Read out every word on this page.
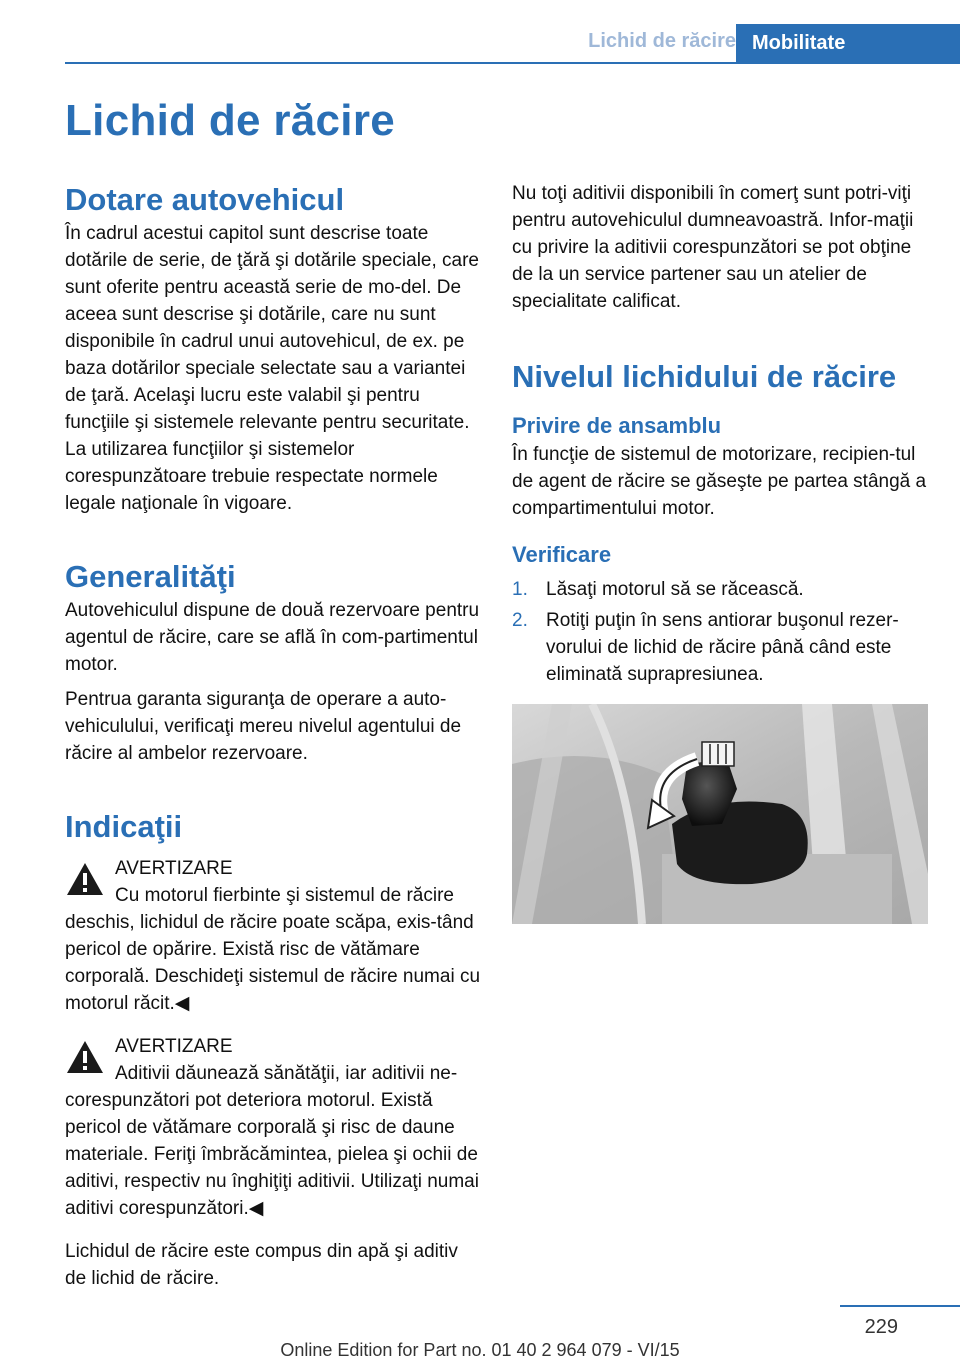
Lichid de răcire Mobilitate
Lichid de răcire
Dotare autovehicul

În cadrul acestui capitol sunt descrise toate dotările de serie, de ţără şi dotările speciale, care sunt oferite pentru această serie de mo‐del. De aceea sunt descrise şi dotările, care nu sunt disponibile în cadrul unui autovehicul, de ex. pe baza dotărilor speciale selectate sau a variantei de ţară. Acelaşi lucru este valabil şi pentru funcţiile şi sistemele relevante pentru securitate. La utilizarea funcţiilor şi sistemelor corespunzătoare trebuie respectate normele legale naţionale în vigoare.

Generalităţi

Autovehiculul dispune de două rezervoare pentru agentul de răcire, care se află în com‐partimentul motor.

Pentrua garanta siguranţa de operare a auto‐vehiculului, verificaţi mereu nivelul agentului de răcire al ambelor rezervoare.

Indicaţii
AVERTIZARE
Cu motorul fierbinte şi sistemul de răcire deschis, lichidul de răcire poate scăpa, exis‐tând pericol de opărire. Există risc de vătămare corporală. Deschideţi sistemul de răcire numai cu motorul răcit.◀
AVERTIZARE
Aditivii dăunează sănătăţii, iar aditivii ne‐corespunzători pot deteriora motorul. Există pericol de vătămare corporală şi risc de daune materiale. Feriţi îmbrăcămintea, pielea şi ochii de aditivi, respectiv nu înghiţiţi aditivii. Utilizaţi numai aditivi corespunzători.◀

Lichidul de răcire este compus din apă şi aditiv de lichid de răcire.

Nu toţi aditivii disponibili în comerţ sunt potri‐viţi pentru autovehiculul dumneavoastră. Infor‐maţii cu privire la aditivii corespunzători se pot obţine de la un service partener sau un atelier de specialitate calificat.

Nivelul lichidului de răcire
Privire de ansamblu

În funcţie de sistemul de motorizare, recipien‐tul de agent de răcire se găseşte pe partea stângă a compartimentului motor.

Verificare
1. Lăsaţi motorul să se răcească.
2. Rotiţi puţin în sens antiorar buşonul rezer‐vorului de lichid de răcire până când este eliminată suprapresiunea.
229
Online Edition for Part no. 01 40 2 964 079 - VI/15
